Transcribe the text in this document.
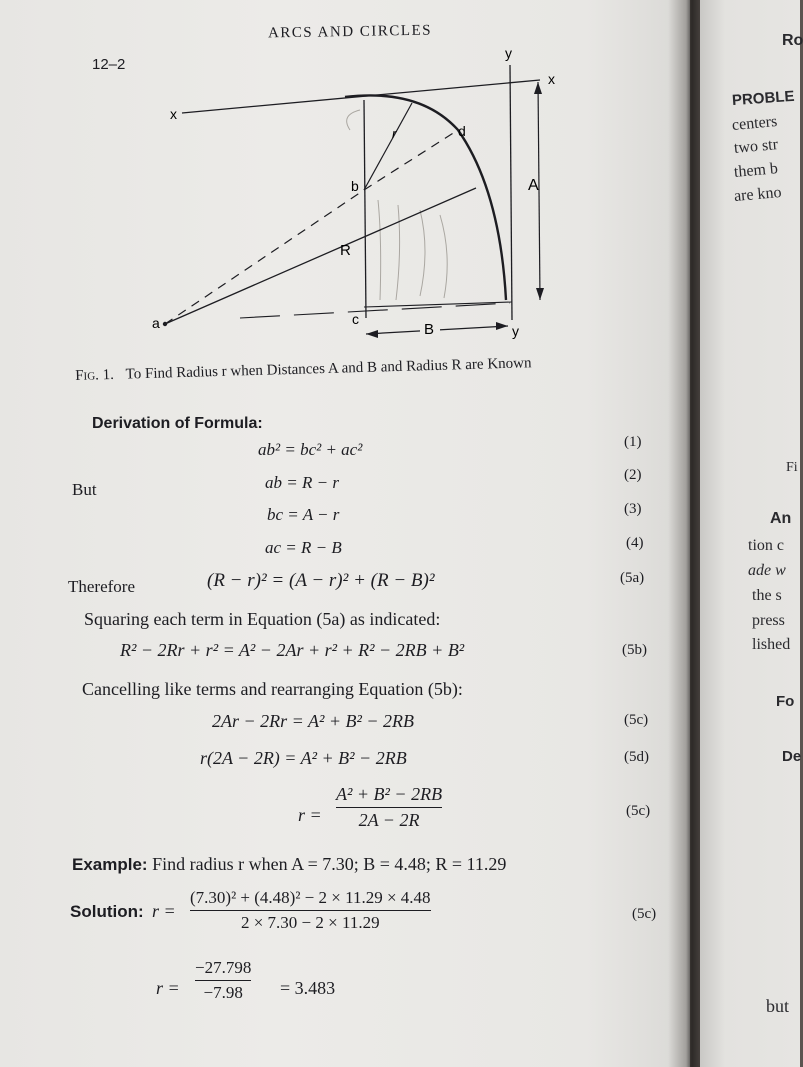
12–2
ARCS AND CIRCLES
x
x
y
y
A
R
r
a
b
c
d
B
Fig. 1. To Find Radius r when Distances A and B and Radius R are Known
Derivation of Formula:
ab² = bc² + ac²	(1)
But	ab = R − r	(2)
bc = A − r	(3)
ac = R − B	(4)
Therefore	(R − r)² = (A − r)² + (R − B)²	(5a)
Squaring each term in Equation (5a) as indicated:
R² − 2Rr + r² = A² − 2Ar + r² + R² − 2RB + B²	(5b)
Cancelling like terms and rearranging Equation (5b):
2Ar − 2Rr = A² + B² − 2RB	(5c)
r(2A − 2R) = A² + B² − 2RB	(5d)
r =
A² + B² − 2RB
2A − 2R	(5c)
Example: Find radius r when A = 7.30; B = 4.48; R = 11.29
Solution: r =
(7.30)² + (4.48)² − 2 × 11.29 × 4.48
2 × 7.30 − 2 × 11.29	(5c)
r =
−27.798
−7.98	= 3.483
Ro
PROBLE
centers
two str
them b
are kno
Fi
An
tion c
ade w
the s
press
lished
Fo
De
but
